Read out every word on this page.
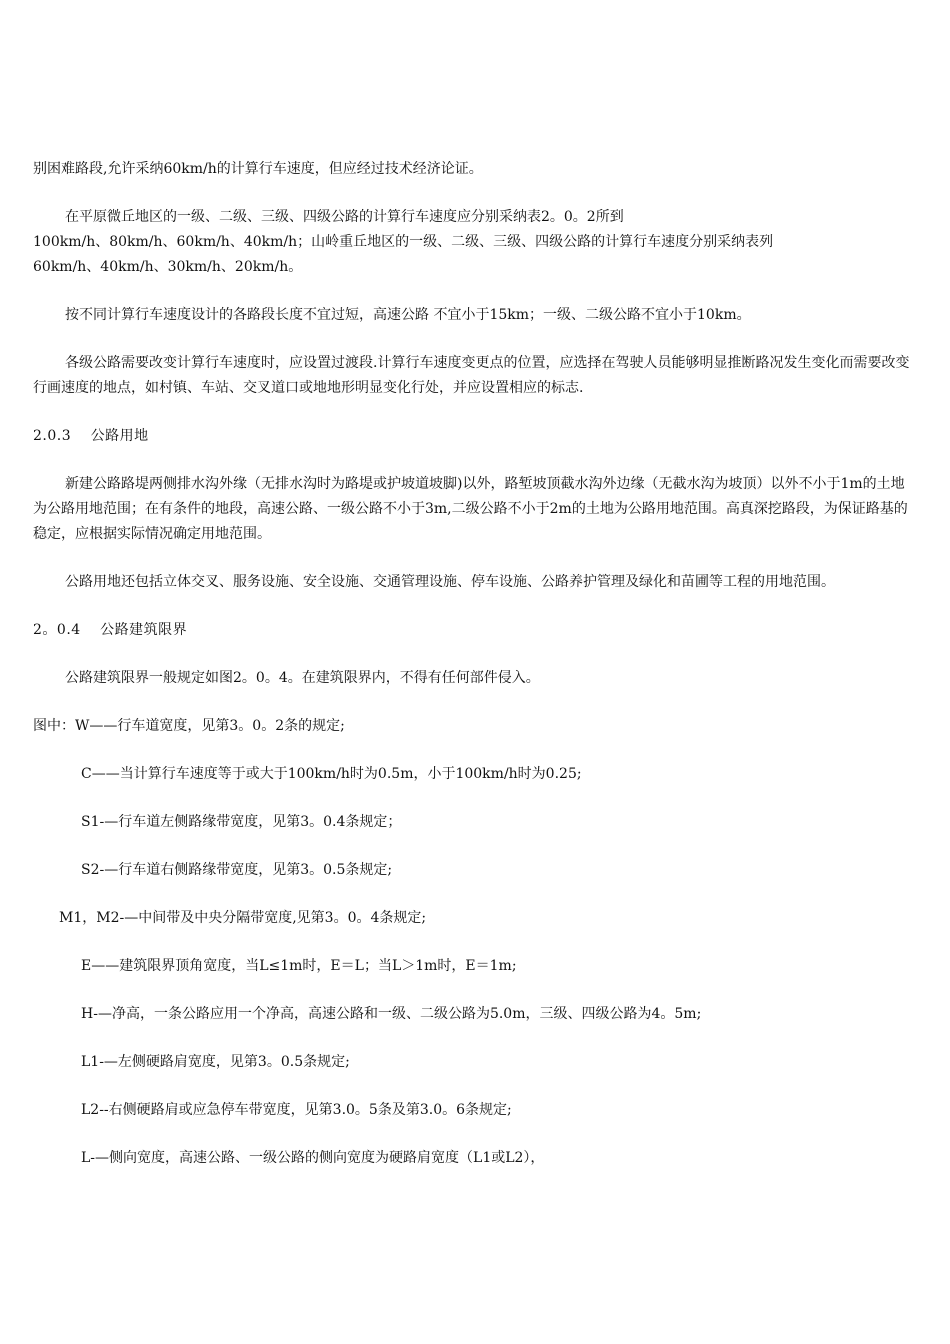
别困难路段,允许采纳60km/h的计算行车速度，但应经过技术经济论证。

在平原微丘地区的一级、二级、三级、四级公路的计算行车速度应分别采纳表2。0。2所到

100km/h、80km/h、60km/h、40km/h；山岭重丘地区的一级、二级、三级、四级公路的计算行车速度分别采纳表列

60km/h、40km/h、30km/h、20km/h。

按不同计算行车速度设计的各路段长度不宜过短，高速公路 不宜小于15km；一级、二级公路不宜小于10km。

各级公路需要改变计算行车速度时，应设置过渡段.计算行车速度变更点的位置，应选择在驾驶人员能够明显推断路况发生变化而需要改变行画速度的地点，如村镇、车站、交叉道口或地地形明显变化行处，并应设置相应的标志.

2.0.3　 公路用地

新建公路路堤两侧排水沟外缘（无排水沟时为路堤或护坡道坡脚)以外，路堑坡顶截水沟外边缘（无截水沟为坡顶）以外不小于1m的土地为公路用地范围；在有条件的地段，高速公路、一级公路不小于3m,二级公路不小于2m的土地为公路用地范围。高真深挖路段，为保证路基的稳定，应根据实际情况确定用地范围。

公路用地还包括立体交叉、服务设施、安全设施、交通管理设施、停车设施、公路养护管理及绿化和苗圃等工程的用地范围。

2。0.4　 公路建筑限界

公路建筑限界一般规定如图2。0。4。在建筑限界内，不得有任何部件侵入。

图中：W——行车道宽度，见第3。0。2条的规定;

C——当计算行车速度等于或大于100km/h时为0.5m，小于100km/h时为0.25;

S1-—行车道左侧路缘带宽度，见第3。0.4条规定；

S2-—行车道右侧路缘带宽度，见第3。0.5条规定;

M1，M2-—中间带及中央分隔带宽度,见第3。0。4条规定;

E——建筑限界顶角宽度，当L≤1m时，E＝L；当L＞1m时，E＝1m;

H-—净高，一条公路应用一个净高，高速公路和一级、二级公路为5.0m，三级、四级公路为4。5m;

L1-—左侧硬路肩宽度，见第3。0.5条规定;

L2--右侧硬路肩或应急停车带宽度，见第3.0。5条及第3.0。6条规定;

L-—侧向宽度，高速公路、一级公路的侧向宽度为硬路肩宽度（L1或L2），
